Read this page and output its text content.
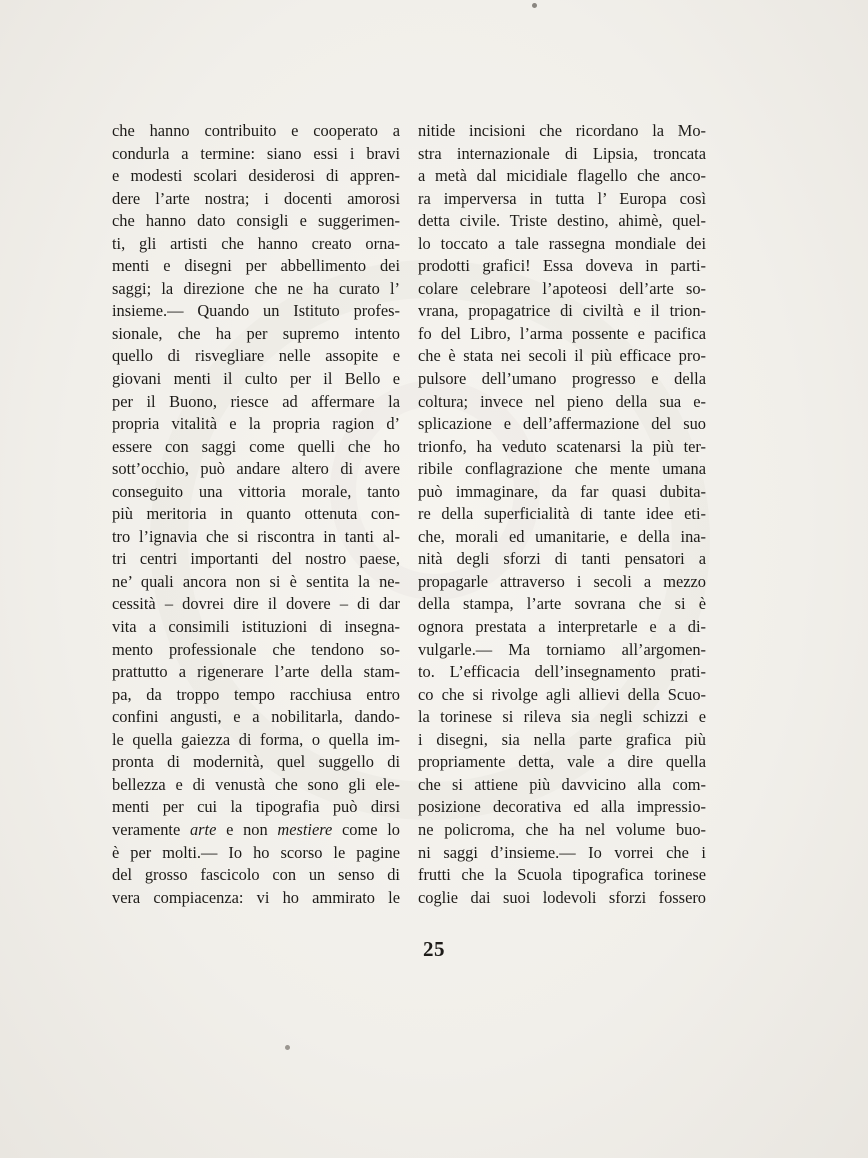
che hanno contribuito e cooperato a
condurla a termine: siano essi i bravi
e modesti scolari desiderosi di appren-
dere l’arte nostra; i docenti amorosi
che hanno dato consigli e suggerimen-
ti, gli artisti che hanno creato orna-
menti e disegni per abbellimento dei
saggi; la direzione che ne ha curato l’
insieme.— Quando un Istituto profes-
sionale, che ha per supremo intento
quello di risvegliare nelle assopite e
giovani menti il culto per il Bello e
per il Buono, riesce ad affermare la
propria vitalità e la propria ragion d’
essere con saggi come quelli che ho
sott’occhio, può andare altero di avere
conseguito una vittoria morale, tanto
più meritoria in quanto ottenuta con-
tro l’ignavia che si riscontra in tanti al-
tri centri importanti del nostro paese,
ne’ quali ancora non si è sentita la ne-
cessità – dovrei dire il dovere – di dar
vita a consimili istituzioni di insegna-
mento professionale che tendono so-
prattutto a rigenerare l’arte della stam-
pa, da troppo tempo racchiusa entro
confini angusti, e a nobilitarla, dando-
le quella gaiezza di forma, o quella im-
pronta di modernità, quel suggello di
bellezza e di venustà che sono gli ele-
menti per cui la tipografia può dirsi
veramente arte e non mestiere come lo
è per molti.— Io ho scorso le pagine
del grosso fascicolo con un senso di
vera compiacenza: vi ho ammirato le
nitide incisioni che ricordano la Mo-
stra internazionale di Lipsia, troncata
a metà dal micidiale flagello che anco-
ra imperversa in tutta l’ Europa così
detta civile. Triste destino, ahimè, quel-
lo toccato a tale rassegna mondiale dei
prodotti grafici! Essa doveva in parti-
colare celebrare l’apoteosi dell’arte so-
vrana, propagatrice di civiltà e il trion-
fo del Libro, l’arma possente e pacifica
che è stata nei secoli il più efficace pro-
pulsore dell’umano progresso e della
coltura; invece nel pieno della sua e-
splicazione e dell’affermazione del suo
trionfo, ha veduto scatenarsi la più ter-
ribile conflagrazione che mente umana
può immaginare, da far quasi dubita-
re della superficialità di tante idee eti-
che, morali ed umanitarie, e della ina-
nità degli sforzi di tanti pensatori a
propagarle attraverso i secoli a mezzo
della stampa, l’arte sovrana che si è
ognora prestata a interpretarle e a di-
vulgarle.— Ma torniamo all’argomen-
to. L’efficacia dell’insegnamento prati-
co che si rivolge agli allievi della Scuo-
la torinese si rileva sia negli schizzi e
i disegni, sia nella parte grafica più
propriamente detta, vale a dire quella
che si attiene più davvicino alla com-
posizione decorativa ed alla impressio-
ne policroma, che ha nel volume buo-
ni saggi d’insieme.— Io vorrei che i
frutti che la Scuola tipografica torinese
coglie dai suoi lodevoli sforzi fossero
25
